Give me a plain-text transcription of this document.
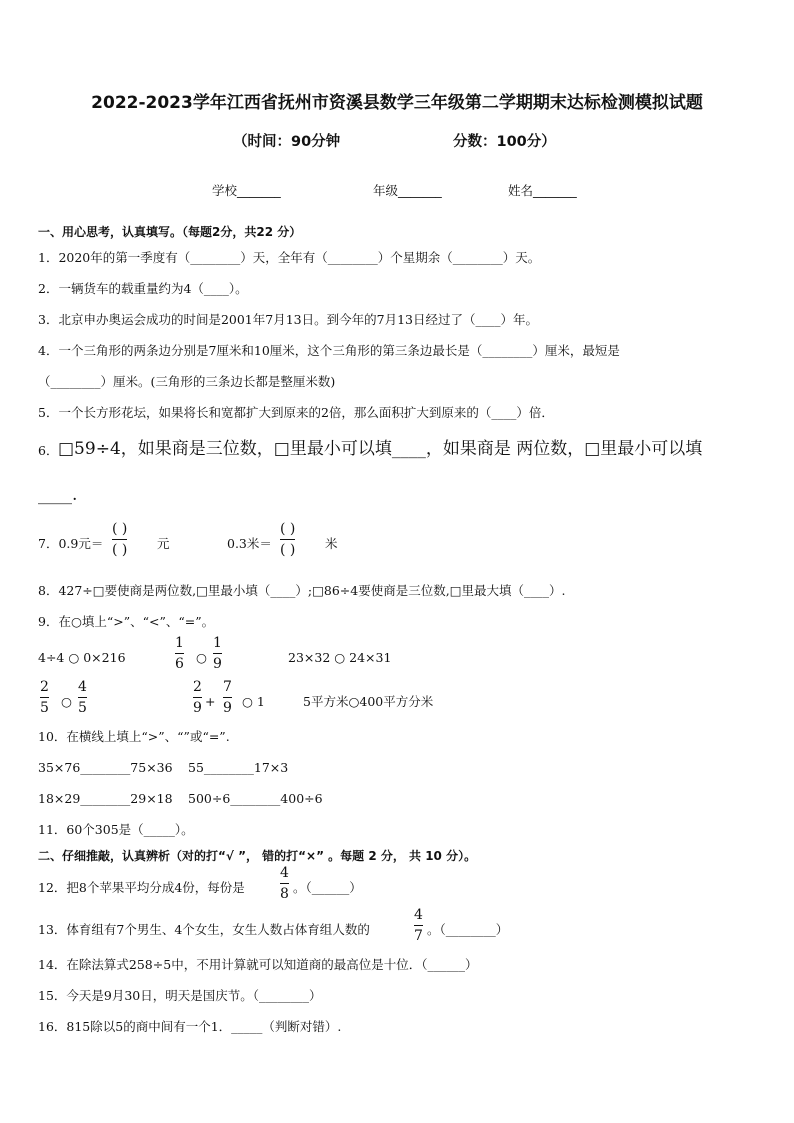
2022-2023学年江西省抚州市资溪县数学三年级第二学期期末达标检测模拟试题
（时间：90分钟	分数：100分）
学校_______	年级_______	姓名_______
一、用心思考，认真填写。（每题2分，共22 分）
1．2020年的第一季度有（________）天，全年有（________）个星期余（________）天。
2．一辆货车的载重量约为4（____）。
3．北京申办奥运会成功的时间是2001年7月13日。到今年的7月13日经过了（____）年。
4．一个三角形的两条边分别是7厘米和10厘米，这个三角形的第三条边最长是（________）厘米，最短是
（________）厘米。(三角形的三条边长都是整厘米数)
5．一个长方形花坛，如果将长和宽都扩大到原来的2倍，那么面积扩大到原来的（____）倍．
6． □59÷4，如果商是三位数，□里最小可以填____，如果商是 两位数，□里最小可以填
____.
7．0.9元＝
( )
( ) 元	0.3米＝
( )
( ) 米
8．427÷□要使商是两位数,□里最小填（____）;□86÷4要使商是三位数,□里最大填（____）.
9．在○填上“>”、“<”、“=”。
4÷4 ○ 0×216
1
6 ○
1
9	23×32 ○ 24×31
2
5 ○
4
5
2
9 +
7
9 ○ 1	5平方米○400平方分米
10．在横线上填上“>”、“”或“=”.
35×76________75×36 55________17×3
18×29________29×18 500÷6________400÷6
11．60个305是（_____）。
二、仔细推敲，认真辨析（对的打“√ ”， 错的打“×” 。每题 2 分， 共 10 分）。
12．把8个苹果平均分成4份，每份是
4
8 。（______）
13．体育组有7个男生、4个女生，女生人数占体育组人数的
4
7 。（________）
14．在除法算式258÷5中，不用计算就可以知道商的最高位是十位．（______）
15．今天是9月30日，明天是国庆节。（________）
16．815除以5的商中间有一个1．_____（判断对错）.
